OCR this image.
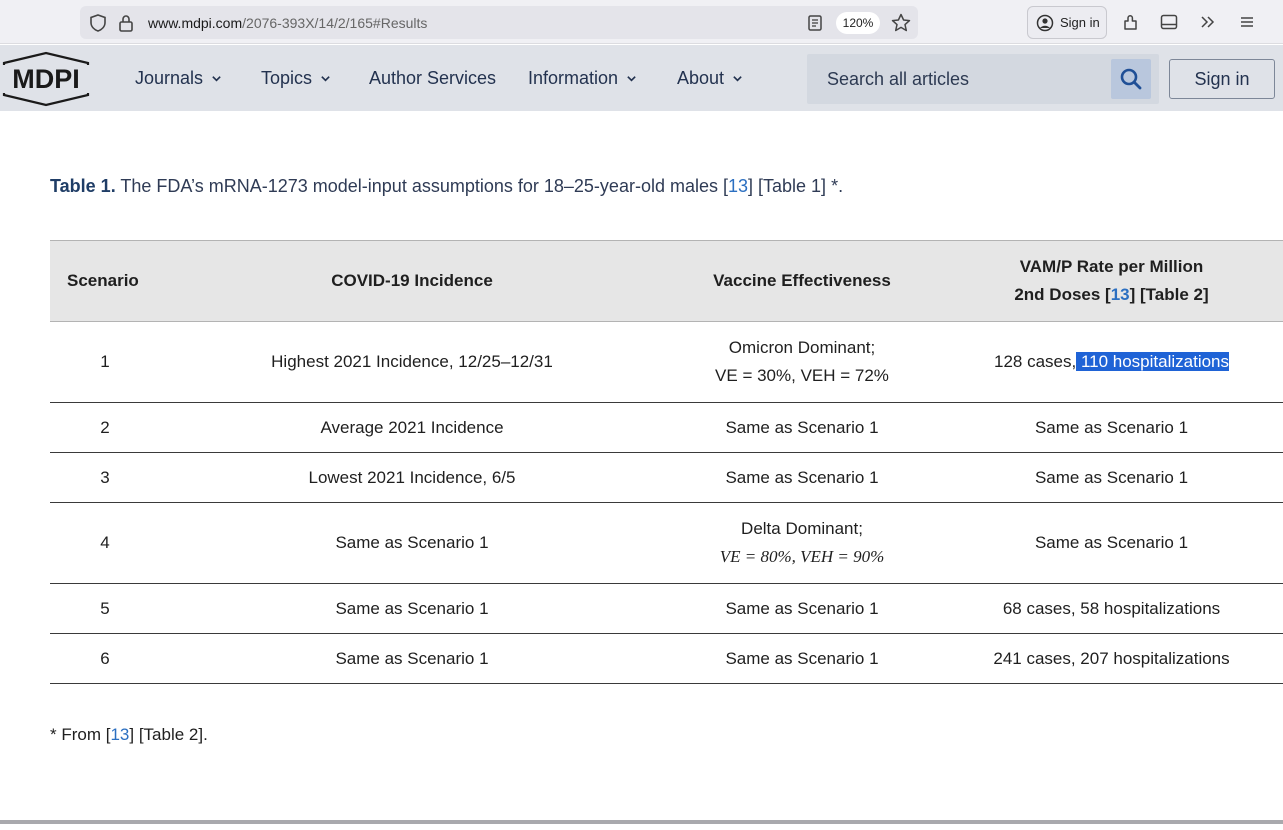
www.mdpi.com/2076-393X/14/2/165#Results	120%	Sign in
MDPI	Journals	Topics	Author Services Information	About
Search all articles	Sign in
Table 1. The FDA’s mRNA-1273 model-input assumptions for 18–25-year-old males [13] [Table 1] *.
Scenario	COVID-19 Incidence	Vaccine Effectiveness	VAM/P Rate per Million
2nd Doses [13] [Table 2]

1	Highest 2021 Incidence, 12/25–12/31	Omicron Dominant;
VE = 30%, VEH = 72%	128 cases, 110 hospitalizations
2	Average 2021 Incidence	Same as Scenario 1	Same as Scenario 1
3	Lowest 2021 Incidence, 6/5	Same as Scenario 1	Same as Scenario 1
4	Same as Scenario 1	Delta Dominant;
VE = 80%, VEH = 90%	Same as Scenario 1
5	Same as Scenario 1	Same as Scenario 1	68 cases, 58 hospitalizations
6	Same as Scenario 1	Same as Scenario 1	241 cases, 207 hospitalizations
* From [13] [Table 2].
